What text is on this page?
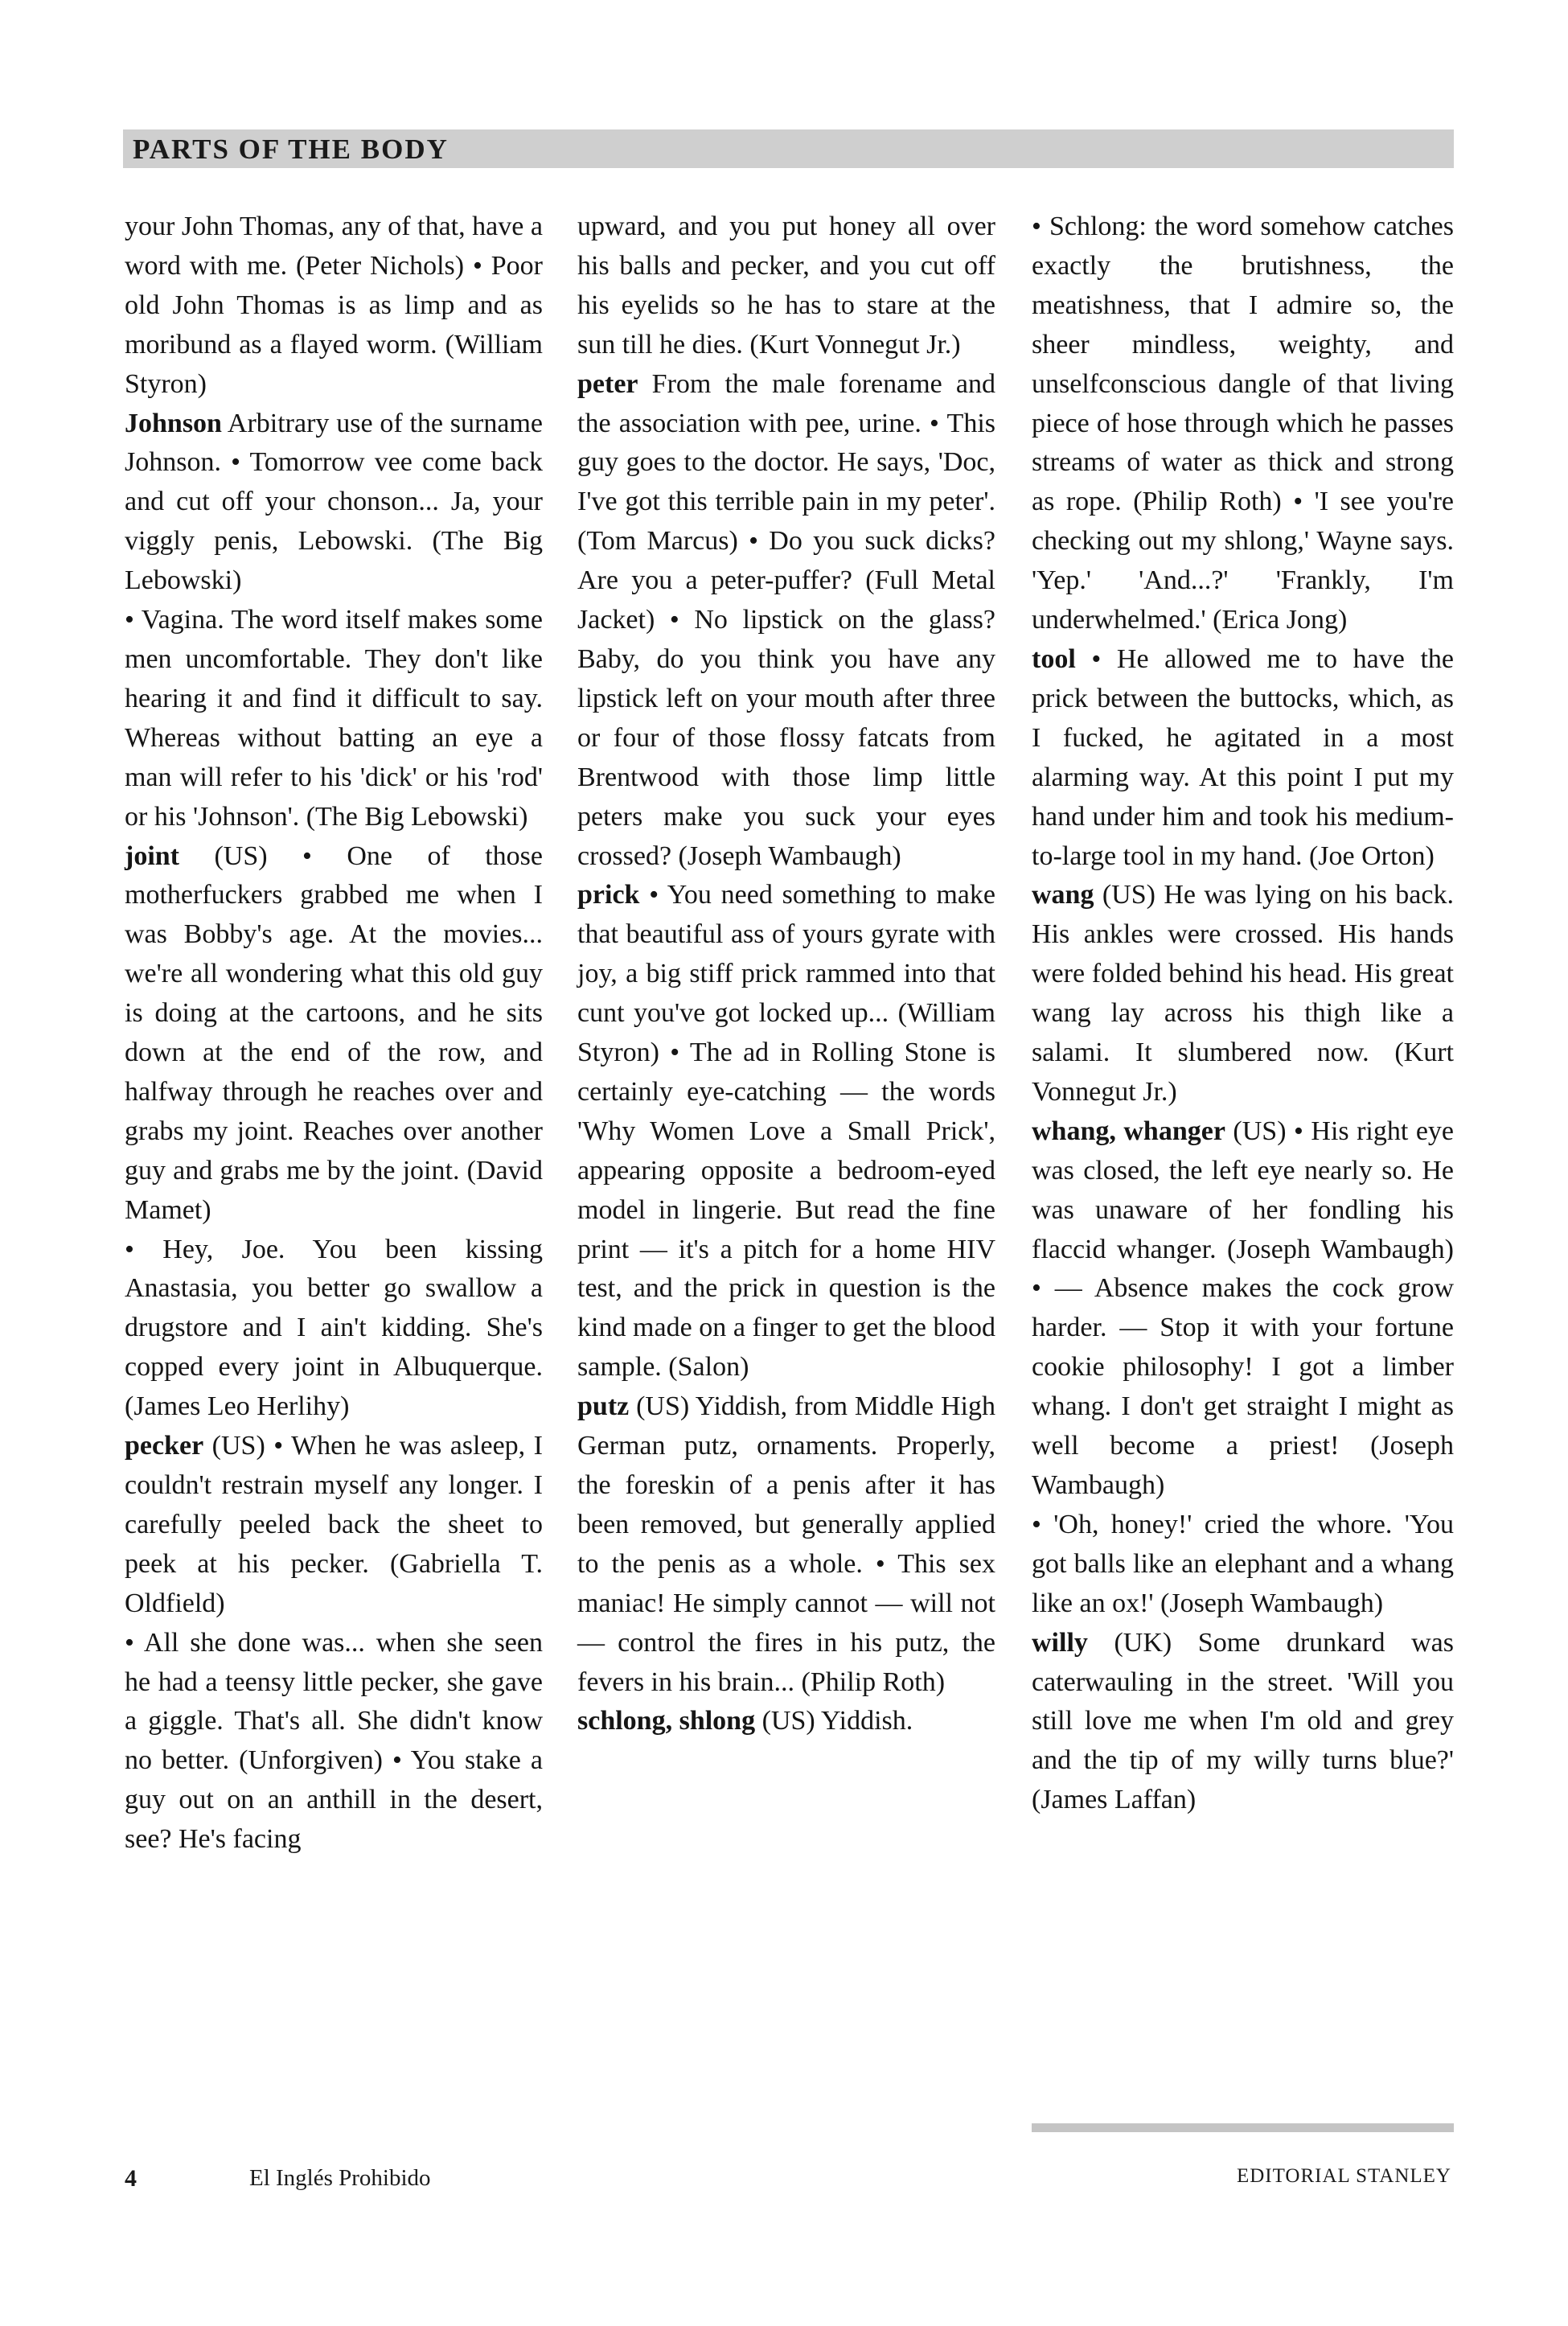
PARTS OF THE BODY

your John Thomas, any of that, have a word with me. (Peter Nichols) • Poor old John Thomas is as limp and as moribund as a flayed worm. (William Styron)

Johnson Arbitrary use of the surname Johnson. • Tomorrow vee come back and cut off your chonson... Ja, your viggly penis, Lebowski. (The Big Lebowski)

• Vagina. The word itself makes some men uncomfortable. They don't like hearing it and find it difficult to say. Whereas without batting an eye a man will refer to his 'dick' or his 'rod' or his 'Johnson'. (The Big Lebowski)

joint (US) • One of those motherfuckers grabbed me when I was Bobby's age. At the movies... we're all wondering what this old guy is doing at the cartoons, and he sits down at the end of the row, and halfway through he reaches over and grabs my joint. Reaches over another guy and grabs me by the joint. (David Mamet)

• Hey, Joe. You been kissing Anastasia, you better go swallow a drugstore and I ain't kidding. She's copped every joint in Albuquerque. (James Leo Herlihy)

pecker (US) • When he was asleep, I couldn't restrain myself any longer. I carefully peeled back the sheet to peek at his pecker. (Gabriella T. Oldfield)

• All she done was... when she seen he had a teensy little pecker, she gave a giggle. That's all. She didn't know no better. (Unforgiven) • You stake a guy out on an anthill in the desert, see? He's facing

upward, and you put honey all over his balls and pecker, and you cut off his eyelids so he has to stare at the sun till he dies. (Kurt Vonnegut Jr.)

peter From the male forename and the association with pee, urine. • This guy goes to the doctor. He says, 'Doc, I've got this terrible pain in my peter'. (Tom Marcus) • Do you suck dicks? Are you a peter-puffer? (Full Metal Jacket) • No lipstick on the glass? Baby, do you think you have any lipstick left on your mouth after three or four of those flossy fatcats from Brentwood with those limp little peters make you suck your eyes crossed? (Joseph Wambaugh)

prick • You need something to make that beautiful ass of yours gyrate with joy, a big stiff prick rammed into that cunt you've got locked up... (William Styron) • The ad in Rolling Stone is certainly eye-catching — the words 'Why Women Love a Small Prick', appearing opposite a bedroom-eyed model in lingerie. But read the fine print — it's a pitch for a home HIV test, and the prick in question is the kind made on a finger to get the blood sample. (Salon)

putz (US) Yiddish, from Middle High German putz, ornaments. Properly, the foreskin of a penis after it has been removed, but generally applied to the penis as a whole. • This sex maniac! He simply cannot — will not — control the fires in his putz, the fevers in his brain... (Philip Roth)

schlong, shlong (US) Yiddish.

• Schlong: the word somehow catches exactly the brutishness, the meatishness, that I admire so, the sheer mindless, weighty, and unselfconscious dangle of that living piece of hose through which he passes streams of water as thick and strong as rope. (Philip Roth) • 'I see you're checking out my shlong,' Wayne says. 'Yep.' 'And...?' 'Frankly, I'm underwhelmed.' (Erica Jong)

tool • He allowed me to have the prick between the buttocks, which, as I fucked, he agitated in a most alarming way. At this point I put my hand under him and took his medium-to-large tool in my hand. (Joe Orton)

wang (US) He was lying on his back. His ankles were crossed. His hands were folded behind his head. His great wang lay across his thigh like a salami. It slumbered now. (Kurt Vonnegut Jr.)

whang, whanger (US) • His right eye was closed, the left eye nearly so. He was unaware of her fondling his flaccid whanger. (Joseph Wambaugh) • — Absence makes the cock grow harder. — Stop it with your fortune cookie philosophy! I got a limber whang. I don't get straight I might as well become a priest! (Joseph Wambaugh)

• 'Oh, honey!' cried the whore. 'You got balls like an elephant and a whang like an ox!' (Joseph Wambaugh)

willy (UK) Some drunkard was caterwauling in the street. 'Will you still love me when I'm old and grey and the tip of my willy turns blue?' (James Laffan)

4	El Inglés Prohibido	EDITORIAL STANLEY
